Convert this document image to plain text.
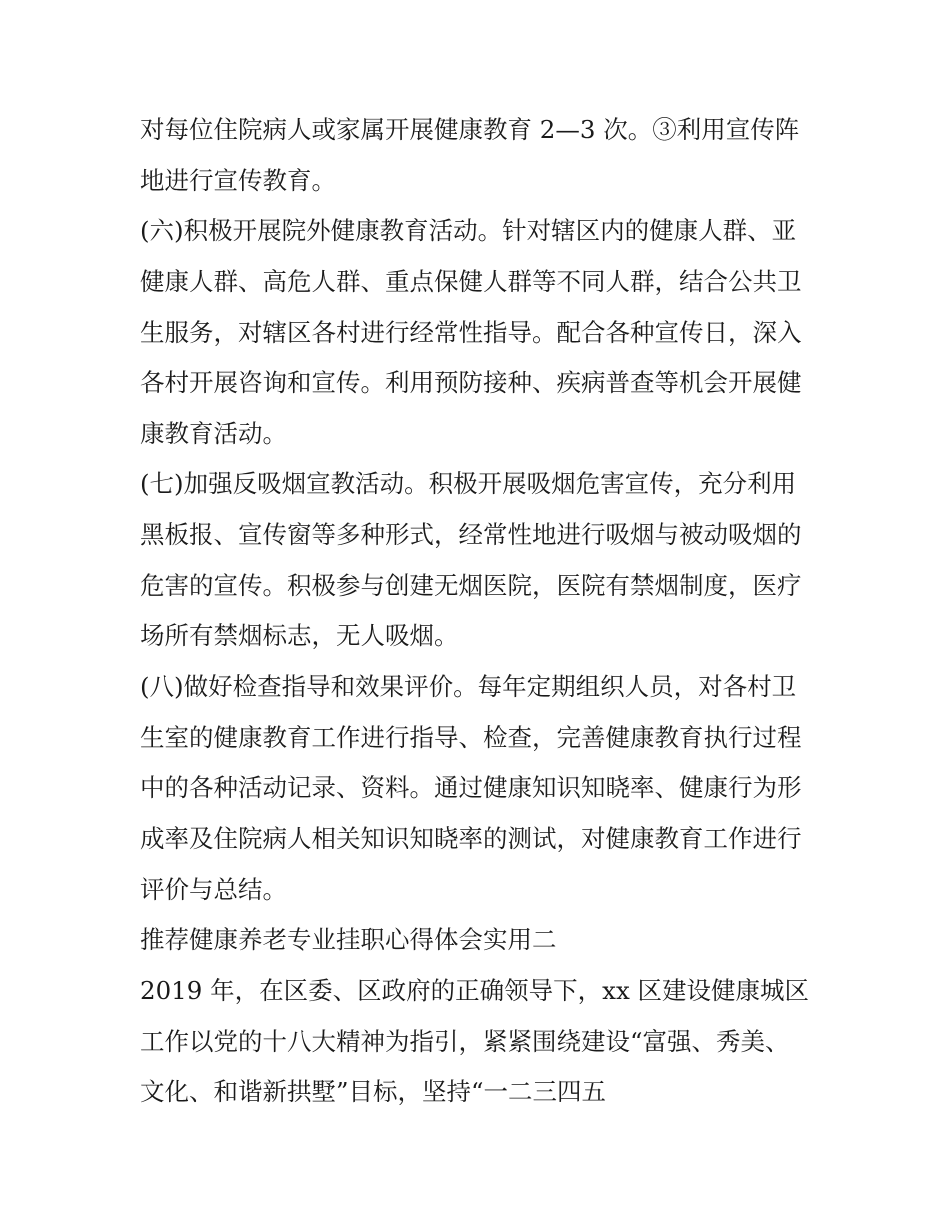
对每位住院病人或家属开展健康教育 2—3 次。③利用宣传阵
地进行宣传教育。
(六)积极开展院外健康教育活动。针对辖区内的健康人群、亚
健康人群、高危人群、重点保健人群等不同人群，结合公共卫
生服务，对辖区各村进行经常性指导。配合各种宣传日，深入
各村开展咨询和宣传。利用预防接种、疾病普查等机会开展健
康教育活动。
(七)加强反吸烟宣教活动。积极开展吸烟危害宣传，充分利用
黑板报、宣传窗等多种形式，经常性地进行吸烟与被动吸烟的
危害的宣传。积极参与创建无烟医院，医院有禁烟制度，医疗
场所有禁烟标志，无人吸烟。
(八)做好检查指导和效果评价。每年定期组织人员，对各村卫
生室的健康教育工作进行指导、检查，完善健康教育执行过程
中的各种活动记录、资料。通过健康知识知晓率、健康行为形
成率及住院病人相关知识知晓率的测试，对健康教育工作进行
评价与总结。
推荐健康养老专业挂职心得体会实用二
2019 年，在区委、区政府的正确领导下，xx 区建设健康城区
工作以党的十八大精神为指引，紧紧围绕建设“富强、秀美、
文化、和谐新拱墅”目标，坚持“一二三四五
